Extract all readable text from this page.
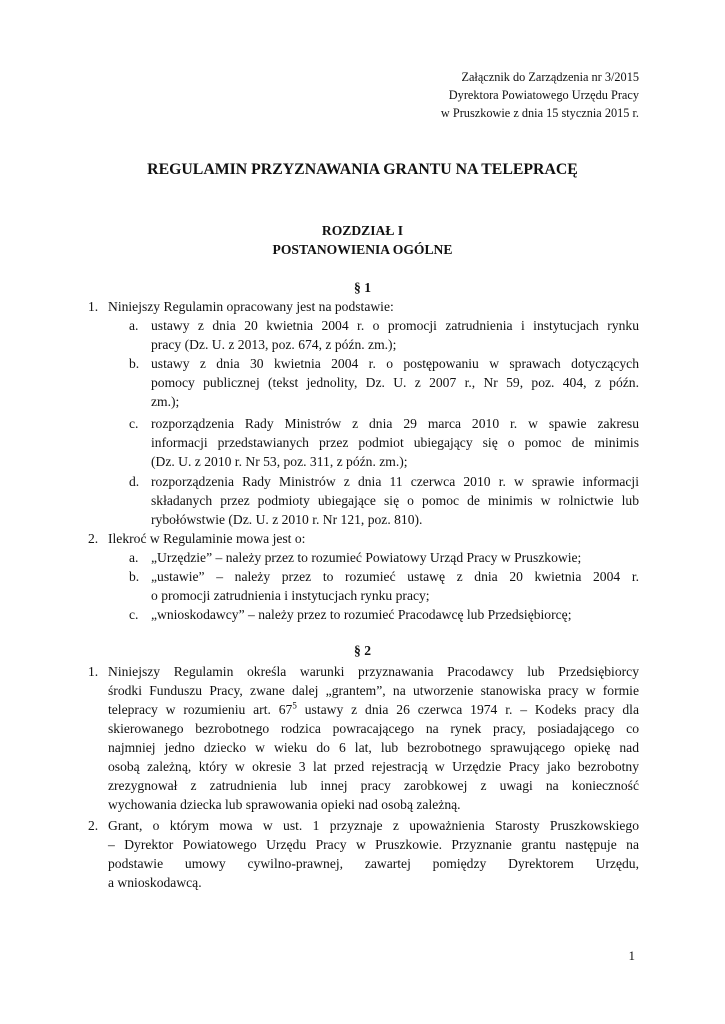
Załącznik do Zarządzenia nr 3/2015
Dyrektora Powiatowego Urzędu Pracy
w Pruszkowie z dnia 15 stycznia 2015 r.
REGULAMIN PRZYZNAWANIA GRANTU NA TELEPRACĘ
ROZDZIAŁ I
POSTANOWIENIA OGÓLNE
§ 1
1. Niniejszy Regulamin opracowany jest na podstawie:
a. ustawy z dnia 20 kwietnia 2004 r. o promocji zatrudnienia i instytucjach rynku
pracy (Dz. U. z 2013, poz. 674, z późn. zm.);
b. ustawy z dnia 30 kwietnia 2004 r. o postępowaniu w sprawach dotyczących
pomocy publicznej (tekst jednolity, Dz. U. z 2007 r., Nr 59, poz. 404, z późn.
zm.);
c. rozporządzenia Rady Ministrów z dnia 29 marca 2010 r. w spawie zakresu
informacji przedstawianych przez podmiot ubiegający się o pomoc de minimis
(Dz. U. z 2010 r. Nr 53, poz. 311, z późn. zm.);
d. rozporządzenia Rady Ministrów z dnia 11 czerwca 2010 r. w sprawie informacji
składanych przez podmioty ubiegające się o pomoc de minimis w rolnictwie lub
rybołówstwie (Dz. U. z 2010 r. Nr 121, poz. 810).
2. Ilekroć w Regulaminie mowa jest o:
a. „Urzędzie” – należy przez to rozumieć Powiatowy Urząd Pracy w Pruszkowie;
b. „ustawie” – należy przez to rozumieć ustawę z dnia 20 kwietnia 2004 r.
o promocji zatrudnienia i instytucjach rynku pracy;
c. „wnioskodawcy” – należy przez to rozumieć Pracodawcę lub Przedsiębiorcę;
§ 2
1. Niniejszy Regulamin określa warunki przyznawania Pracodawcy lub Przedsiębiorcy
środki Funduszu Pracy, zwane dalej „grantem”, na utworzenie stanowiska pracy w formie
telepracy w rozumieniu art. $67^5$ ustawy z dnia 26 czerwca 1974 r. – Kodeks pracy dla
skierowanego bezrobotnego rodzica powracającego na rynek pracy, posiadającego co
najmniej jedno dziecko w wieku do 6 lat, lub bezrobotnego sprawującego opiekę nad
osobą zależną, który w okresie 3 lat przed rejestracją w Urzędzie Pracy jako bezrobotny
zrezygnował z zatrudnienia lub innej pracy zarobkowej z uwagi na konieczność
wychowania dziecka lub sprawowania opieki nad osobą zależną.
2. Grant, o którym mowa w ust. 1 przyznaje z upoważnienia Starosty Pruszkowskiego
– Dyrektor Powiatowego Urzędu Pracy w Pruszkowie. Przyznanie grantu następuje na
podstawie umowy cywilno-prawnej, zawartej pomiędzy Dyrektorem Urzędu,
a wnioskodawcą.
1
